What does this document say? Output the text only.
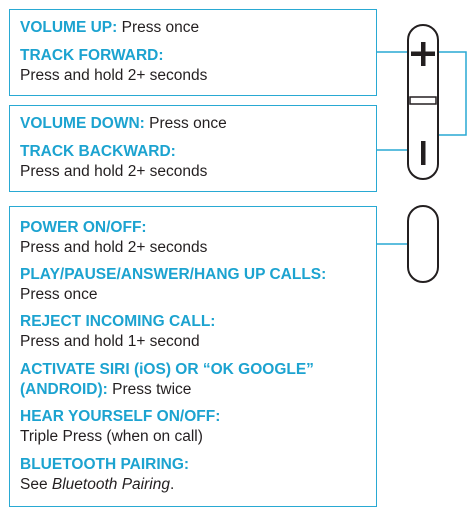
VOLUME UP: Press once
TRACK FORWARD:
Press and hold 2+ seconds
VOLUME DOWN: Press once
TRACK BACKWARD:
Press and hold 2+ seconds
POWER ON/OFF:
Press and hold 2+ seconds
PLAY/PAUSE/ANSWER/HANG UP CALLS:
Press once
REJECT INCOMING CALL:
Press and hold 1+ second
ACTIVATE SIRI (iOS) OR “OK GOOGLE”
(ANDROID): Press twice
HEAR YOURSELF ON/OFF:
Triple Press (when on call)
BLUETOOTH PAIRING:
See Bluetooth Pairing.
